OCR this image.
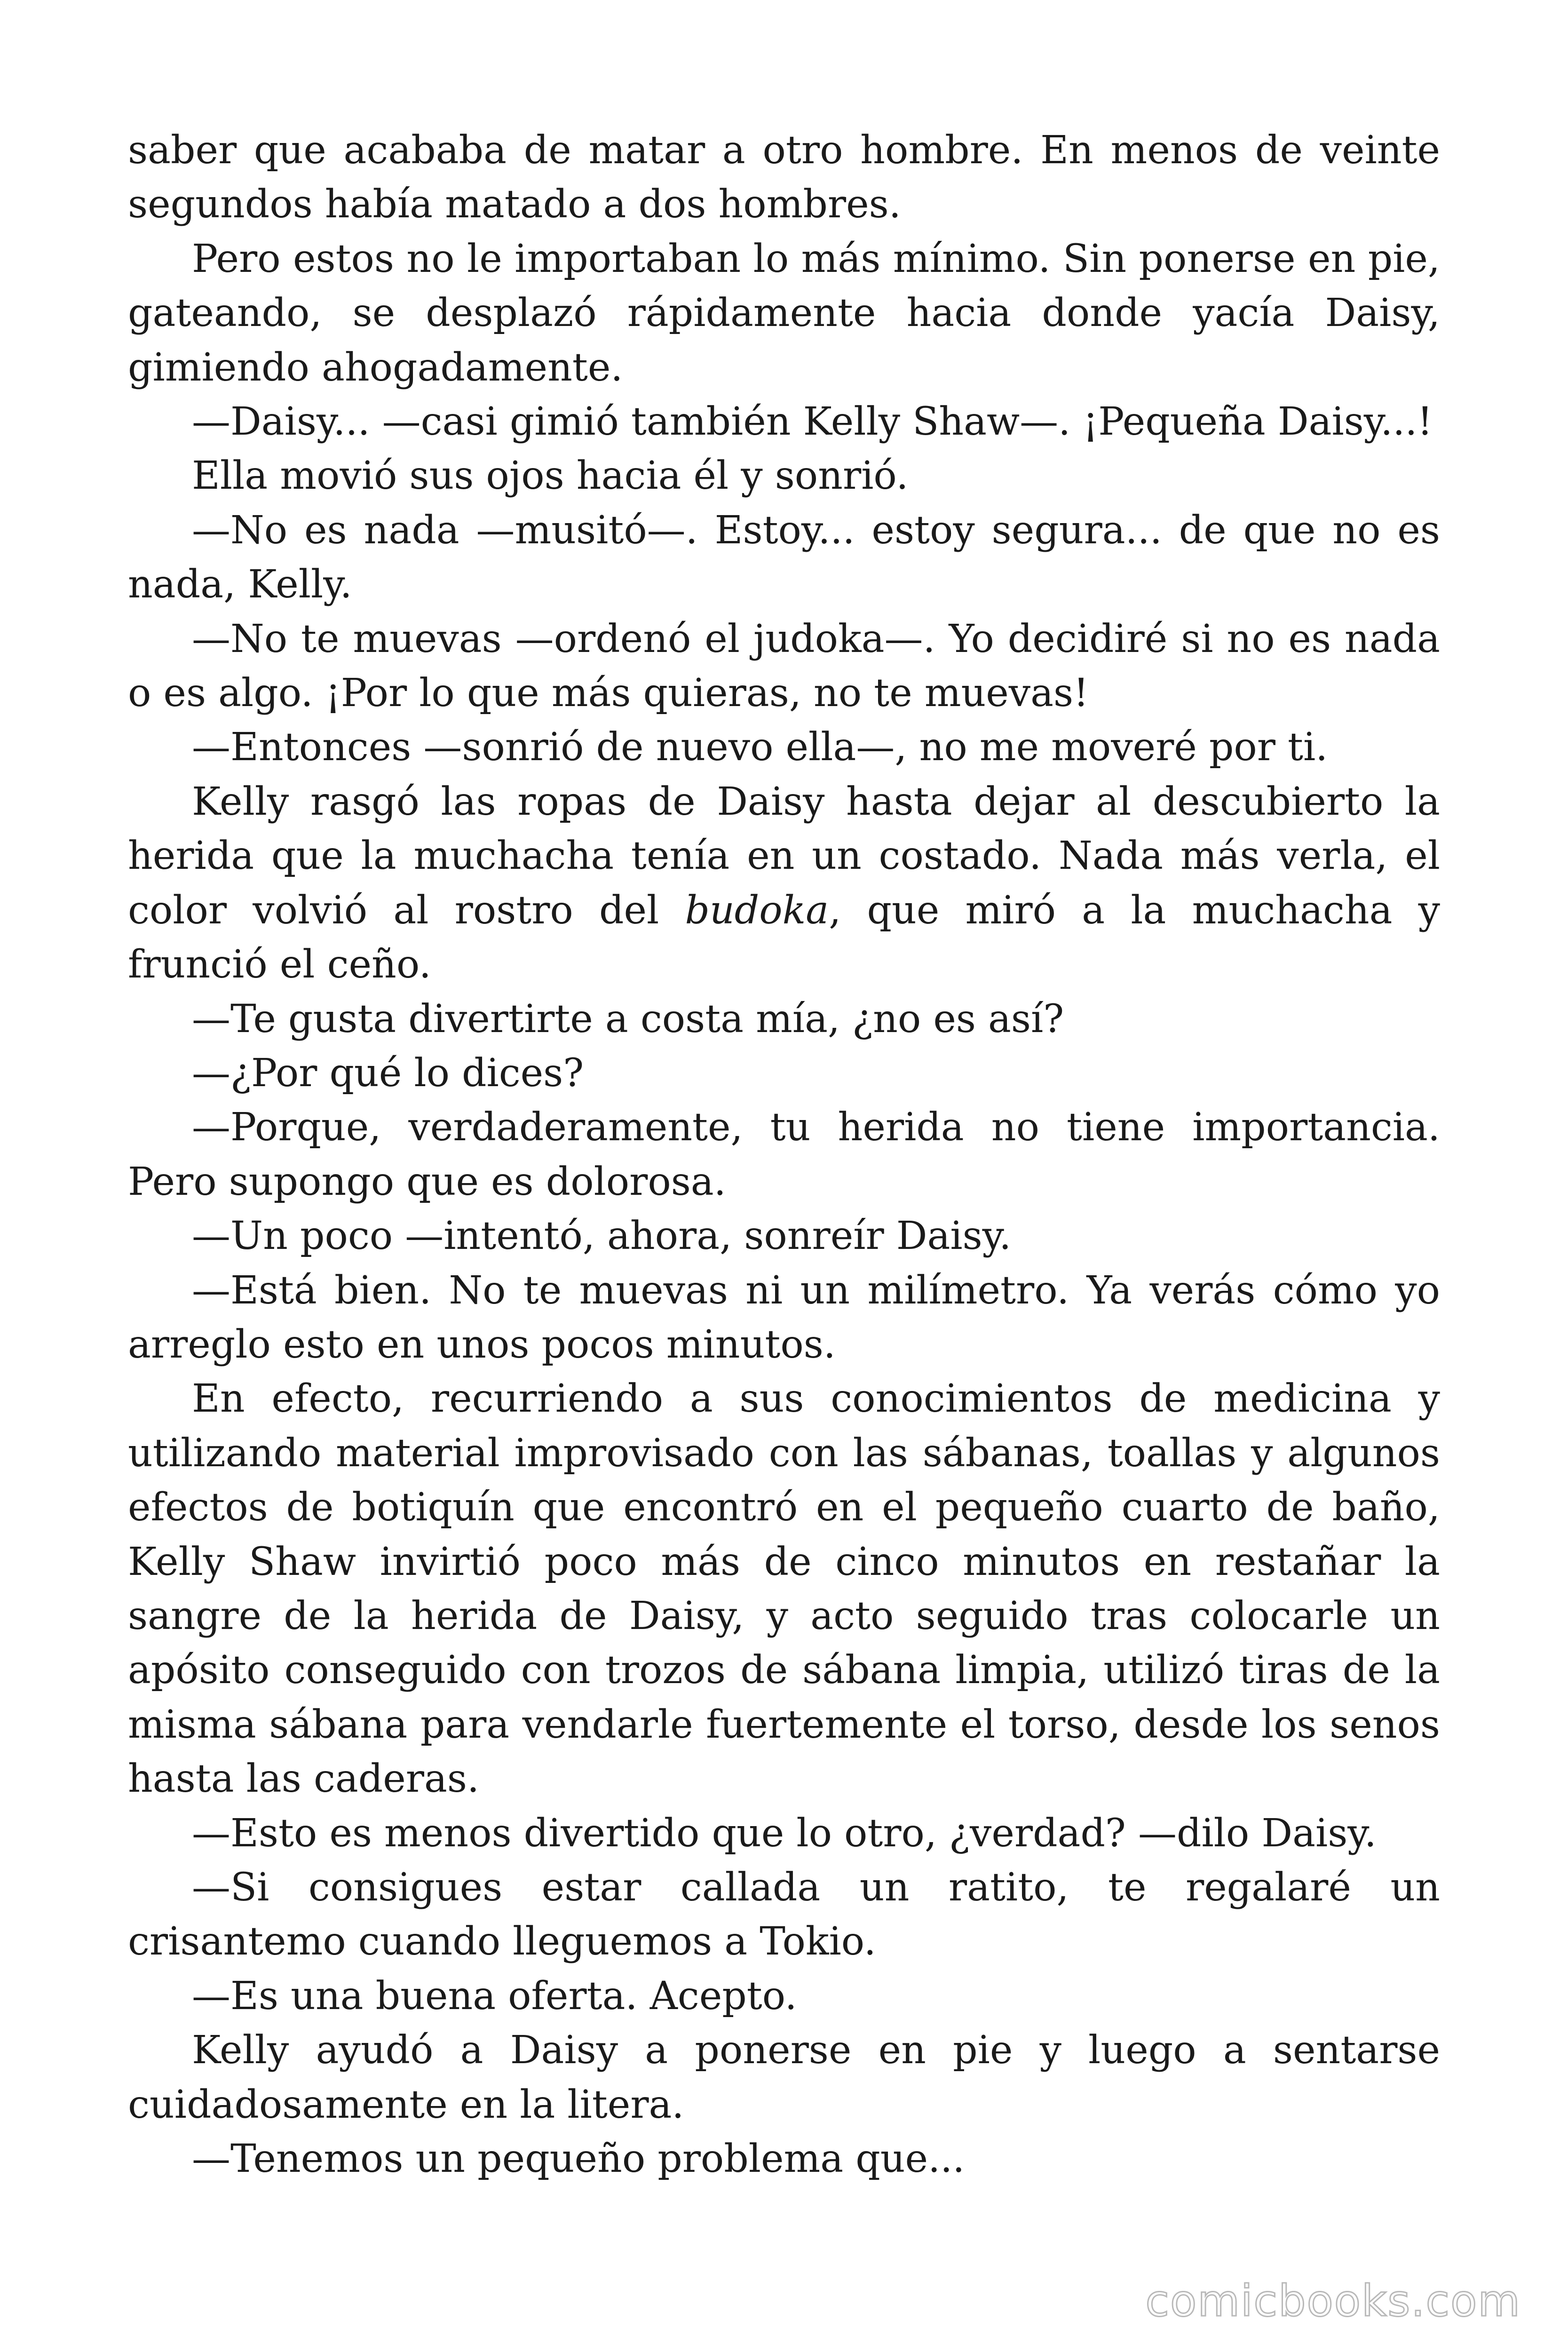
saber que acababa de matar a otro hombre. En menos de veinte segundos había matado a dos hombres.

Pero estos no le importaban lo más mínimo. Sin ponerse en pie, gateando, se desplazó rápidamente hacia donde yacía Daisy, gimiendo ahogadamente.

—Daisy... —casi gimió también Kelly Shaw—. ¡Pequeña Daisy...!

Ella movió sus ojos hacia él y sonrió.

—No es nada —musitó—. Estoy... estoy segura... de que no es nada, Kelly.

—No te muevas —ordenó el judoka—. Yo decidiré si no es nada o es algo. ¡Por lo que más quieras, no te muevas!

—Entonces —sonrió de nuevo ella—, no me moveré por ti.

Kelly rasgó las ropas de Daisy hasta dejar al descubierto la herida que la muchacha tenía en un costado. Nada más verla, el color volvió al rostro del budoka, que miró a la muchacha y frunció el ceño.

—Te gusta divertirte a costa mía, ¿no es así?

—¿Por qué lo dices?

—Porque, verdaderamente, tu herida no tiene importancia. Pero supongo que es dolorosa.

—Un poco —intentó, ahora, sonreír Daisy.

—Está bien. No te muevas ni un milímetro. Ya verás cómo yo arreglo esto en unos pocos minutos.

En efecto, recurriendo a sus conocimientos de medicina y utilizando material improvisado con las sábanas, toallas y algunos efectos de botiquín que encontró en el pequeño cuarto de baño, Kelly Shaw invirtió poco más de cinco minutos en restañar la sangre de la herida de Daisy, y acto seguido tras colocarle un apósito conseguido con trozos de sábana limpia, utilizó tiras de la misma sábana para vendarle fuertemente el torso, desde los senos hasta las caderas.

—Esto es menos divertido que lo otro, ¿verdad? —dilo Daisy.

—Si consigues estar callada un ratito, te regalaré un crisantemo cuando lleguemos a Tokio.

—Es una buena oferta. Acepto.

Kelly ayudó a Daisy a ponerse en pie y luego a sentarse cuidadosamente en la litera.

—Tenemos un pequeño problema que...

comicbooks.com
